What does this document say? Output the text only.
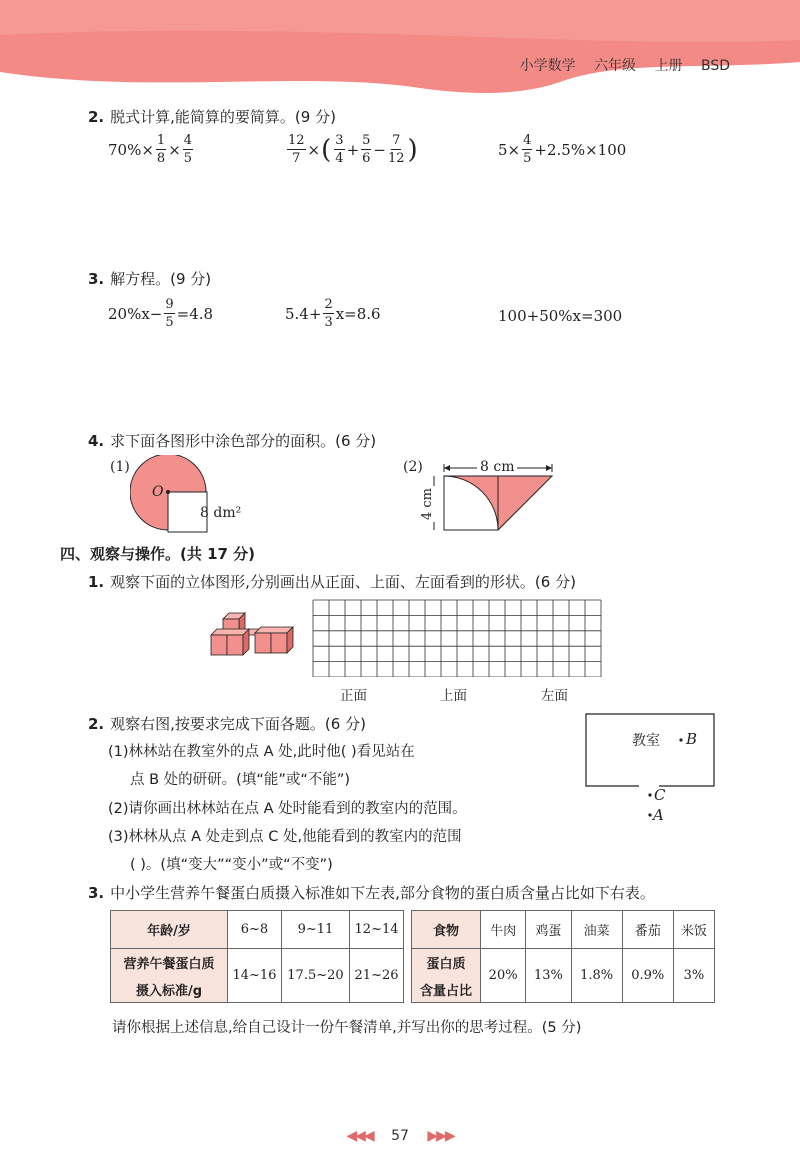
小学数学 六年级 上册 BSD
2. 脱式计算,能简算的要简算。(9 分)
$70\%\times \frac{1}{8} \times \frac{4}{5}$	$\frac{12}{7}$ × ( $\frac{3}{4} + \frac{5}{6} - \frac{7}{12}$ )	$5\times \frac{4}{5} +2.5\%\times 100$
3. 解方程。(9 分)
$20\%x- \frac{9}{5} =4.8$	$5.4+ \frac{2}{3} x=8.6$	100+50%x=300
4. 求下面各图形中涂色部分的面积。(6 分)
(1)
O
8 dm²
(2)	8 cm
4 cm
四、观察与操作。(共 17 分)
1. 观察下面的立体图形,分别画出从正面、上面、左面看到的形状。(6 分)
正面	上面	左面
2. 观察右图,按要求完成下面各题。(6 分)
(1)林林站在教室外的点 A 处,此时他( )看见站在
点 B 处的研研。(填“能”或“不能”)
(2)请你画出林林站在点 A 处时能看到的教室内的范围。
(3)林林从点 A 处走到点 C 处,他能看到的教室内的范围
( )。(填“变大”“变小”或“不变”)
教室 B
C
A
3. 中小学生营养午餐蛋白质摄入标准如下左表,部分食物的蛋白质含量占比如下右表。
年龄/岁	6~8	9~11	12~14

营养午餐蛋白质
摄入标准/g	14~16	17.5~20	21~26
食物	牛肉	鸡蛋	油菜	番茄	米饭

蛋白质
含量占比	20%	13%	1.8%	0.9%	3%
请你根据上述信息,给自己设计一份午餐清单,并写出你的思考过程。(5 分)
◀◀◀ 57 ▶▶▶
